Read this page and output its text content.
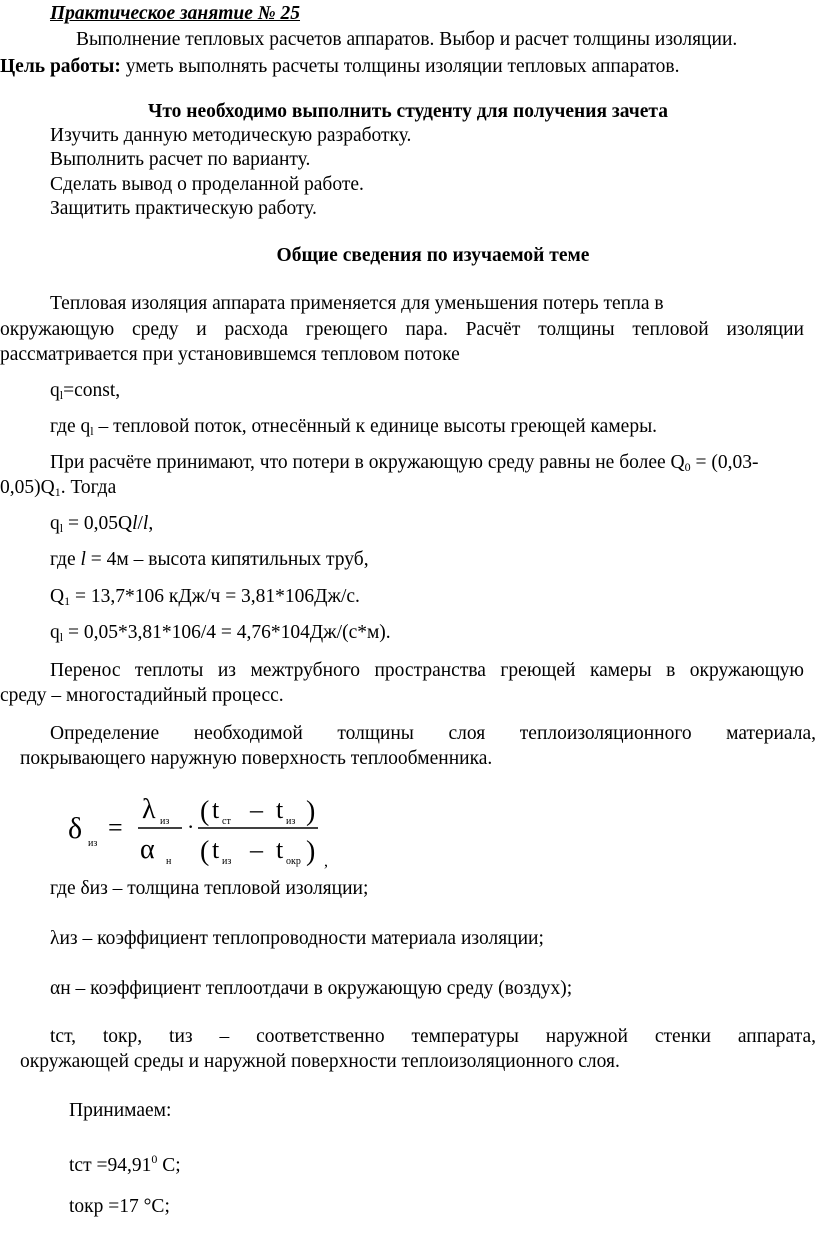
Практическое занятие № 25
Выполнение тепловых расчетов аппаратов. Выбор и расчет толщины изоляции.
Цель работы: уметь выполнять расчеты толщины изоляции тепловых аппаратов.
Что необходимо выполнить студенту для получения зачета
Изучить данную методическую разработку.
Выполнить расчет по варианту.
Сделать вывод о проделанной работе.
Защитить практическую работу.
Общие сведения по изучаемой теме
Тепловая изоляция аппарата применяется для уменьшения потерь тепла в
окружающую среду и расхода греющего пара. Расчёт толщины тепловой изоляции
рассматривается при установившемся тепловом потоке
$q_l=const$,
где $q_l$ – тепловой поток, отнесённый к единице высоты греющей камеры.
При расчёте принимают, что потери в окружающую среду равны не более $Q_0 = (0,03-$
$0,05)Q_1$. Тогда
$q_l = 0,05Ql/l$,
где l = 4м – высота кипятильных труб,
$Q_1 = 13,7*106$ кДж/ч = 3,81*106Дж/с.
$q_l = 0,05*3,81*106/4 = 4,76*104Дж/(с*м)$.
Перенос теплоты из межтрубного пространства греющей камеры в окружающую
среду – многостадийный процесс.
Определение необходимой толщины слоя теплоизоляционного материала,
покрывающего наружную поверхность теплообменника.
δ из
=
λ из
α н
· ( t ст – t из )
( t из – t окр ) ,
где δиз – толщина тепловой изоляции;
λиз – коэффициент теплопроводности материала изоляции;
αн – коэффициент теплоотдачи в окружающую среду (воздух);
tст, tокр, tиз – соответственно температуры наружной стенки аппарата,
окружающей среды и наружной поверхности теплоизоляционного слоя.
Принимаем:
tст $=94,91^0$ С;
tокр =17 °С;
